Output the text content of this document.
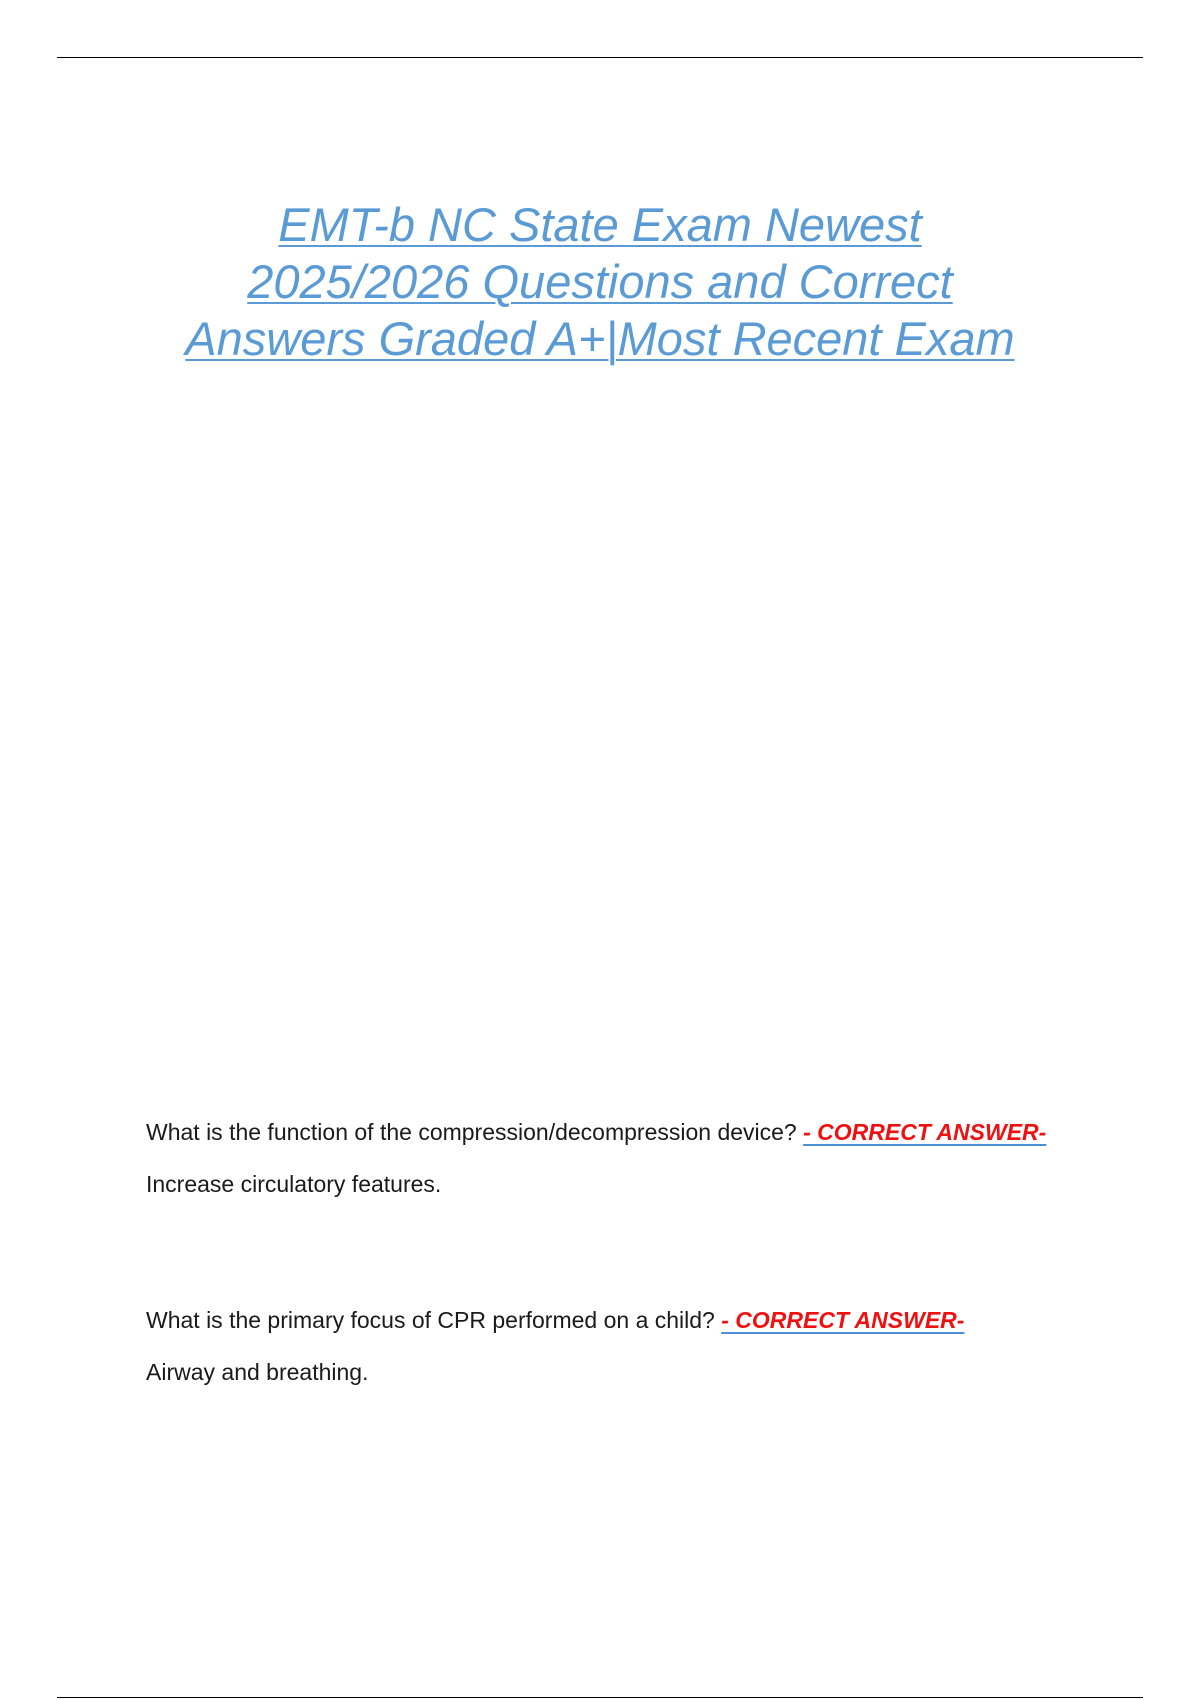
EMT-b NC State Exam Newest
2025/2026 Questions and Correct
Answers Graded A+|Most Recent Exam
What is the function of the compression/decompression device? - CORRECT ANSWER-Increase circulatory features.
What is the primary focus of CPR performed on a child? - CORRECT ANSWER-
Airway and breathing.
